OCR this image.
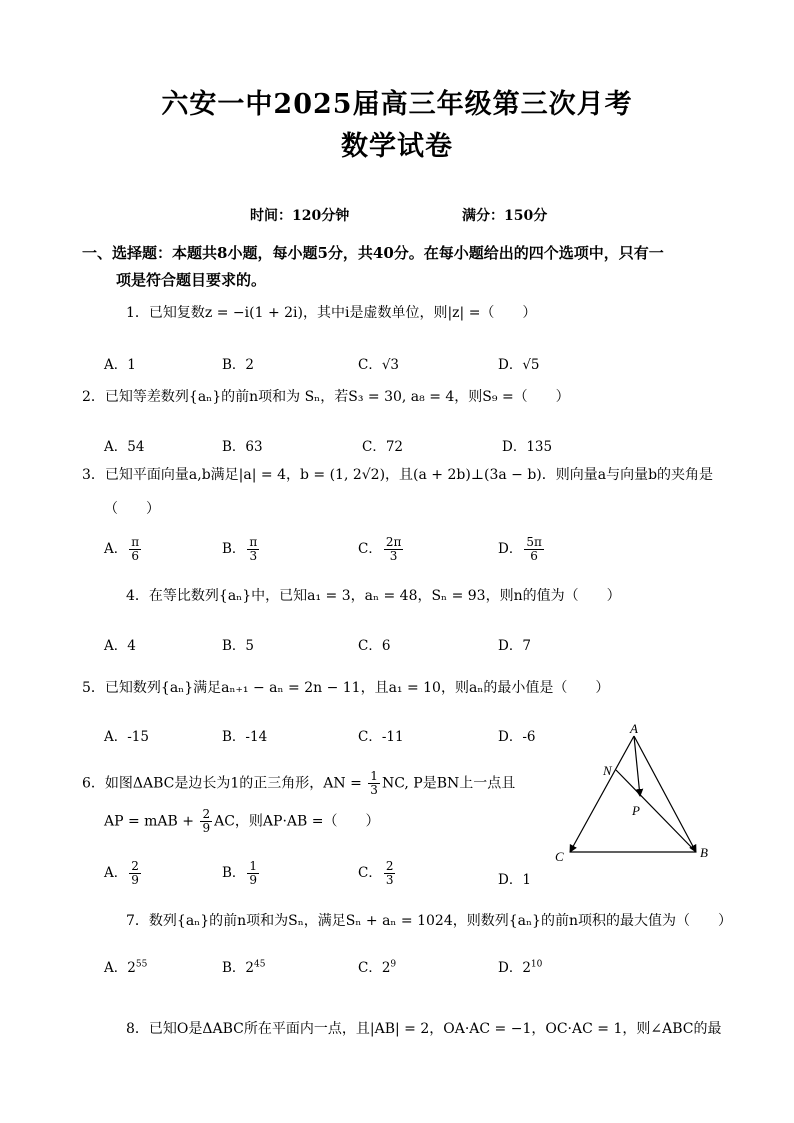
六安一中2025届高三年级第三次月考
数学试卷
时间：120分钟	满分：150分
一、选择题：本题共8小题，每小题5分，共40分。在每小题给出的四个选项中，只有一
项是符合题目要求的。
1．已知复数z = −i(1 + 2i)，其中i是虚数单位，则|z| =（　　）
A．1	B．2	C．√3	D．√5
2．已知等差数列{aₙ}的前n项和为 Sₙ，若S₃ = 30, a₈ = 4，则S₉ =（　　）
A．54	B．63	C．72	D．135
3．已知平面向量a,b满足|a| = 4，b = (1, 2√2)，且(a + 2b)⊥(3a − b)．则向量a与向量b的夹角是
（　　）
A． $\frac{\pi}{6}$	B． $\frac{\pi}{3}$	C． $\frac{2\pi}{3}$	D． $\frac{5\pi}{6}$
4．在等比数列{aₙ}中，已知a₁ = 3，aₙ = 48，Sₙ = 93，则n的值为（　　）
A．4	B．5	C．6	D．7
5．已知数列{aₙ}满足aₙ₊₁ − aₙ = 2n − 11，且a₁ = 10，则aₙ的最小值是（　　）
A．-15	B．-14	C．-11	D．-6
6．如图ΔABC是边长为1的正三角形，AN = $\frac{1}{3}$ NC, P是BN上一点且
AP = mAB + $\frac{2}{9}$ AC，则AP·AB =（　　）
A． $\frac{2}{9}$	B． $\frac{1}{9}$	C． $\frac{2}{3}$	D．1
A
B
C
N
P
7．数列{aₙ}的前n项和为Sₙ，满足Sₙ + aₙ = 1024，则数列{aₙ}的前n项积的最大值为（　　）
A．$2^{55}$	B．$2^{45}$	C．$2^9$	D．$2^{10}$
8．已知O是ΔABC所在平面内一点，且|AB| = 2，OA·AC = −1，OC·AC = 1，则∠ABC的最
